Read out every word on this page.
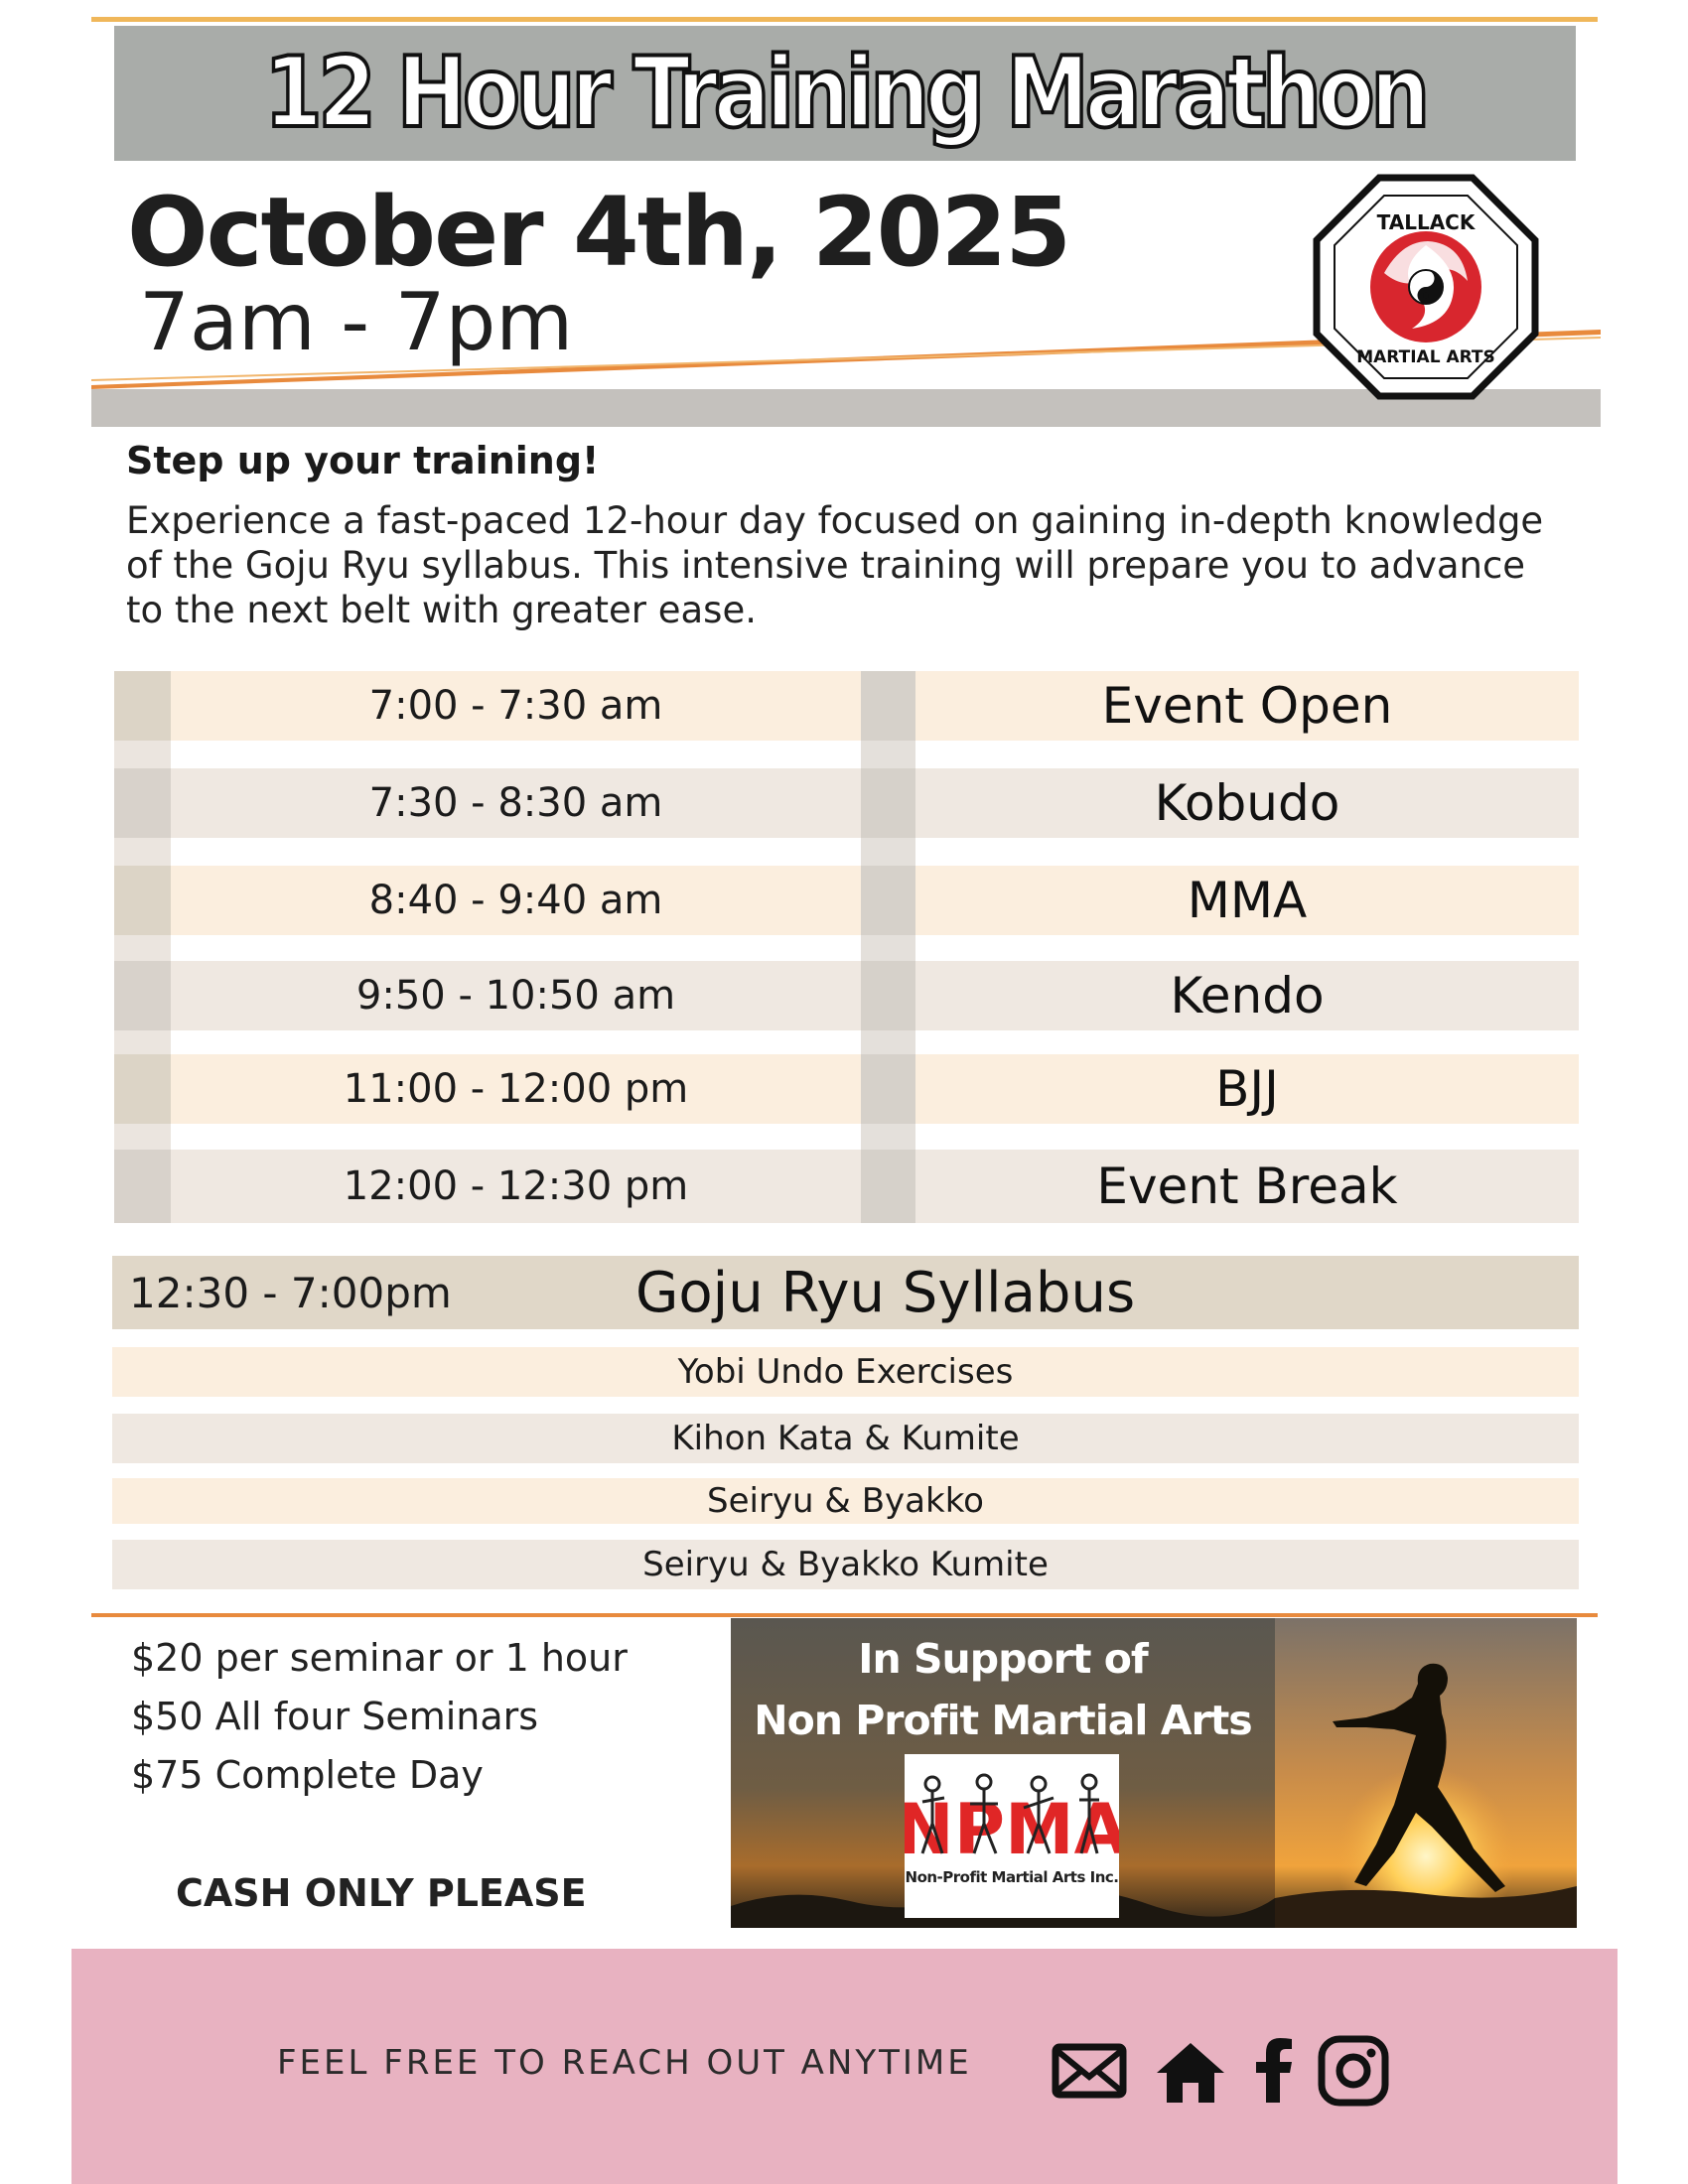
12 Hour Training Marathon
October 4th, 2025
7am - 7pm
TALLACK
MARTIAL ARTS
Step up your training!
Experience a fast-paced 12-hour day focused on gaining in-depth knowledge of the Goju Ryu syllabus. This intensive training will prepare you to advance to the next belt with greater ease.
7:00 - 7:30 am	Event Open
7:30 - 8:30 am	Kobudo
8:40 - 9:40 am	MMA
9:50 - 10:50 am	Kendo
11:00 - 12:00 pm	BJJ
12:00 - 12:30 pm	Event Break
12:30 - 7:00pm	Goju Ryu Syllabus
Yobi Undo Exercises
Kihon Kata & Kumite
Seiryu & Byakko
Seiryu & Byakko Kumite
$20 per seminar or 1 hour
$50 All four Seminars
$75 Complete Day
CASH ONLY PLEASE
In Support of
Non Profit Martial Arts
NPMA
Non-Profit Martial Arts Inc.
FEEL FREE TO REACH OUT ANYTIME
